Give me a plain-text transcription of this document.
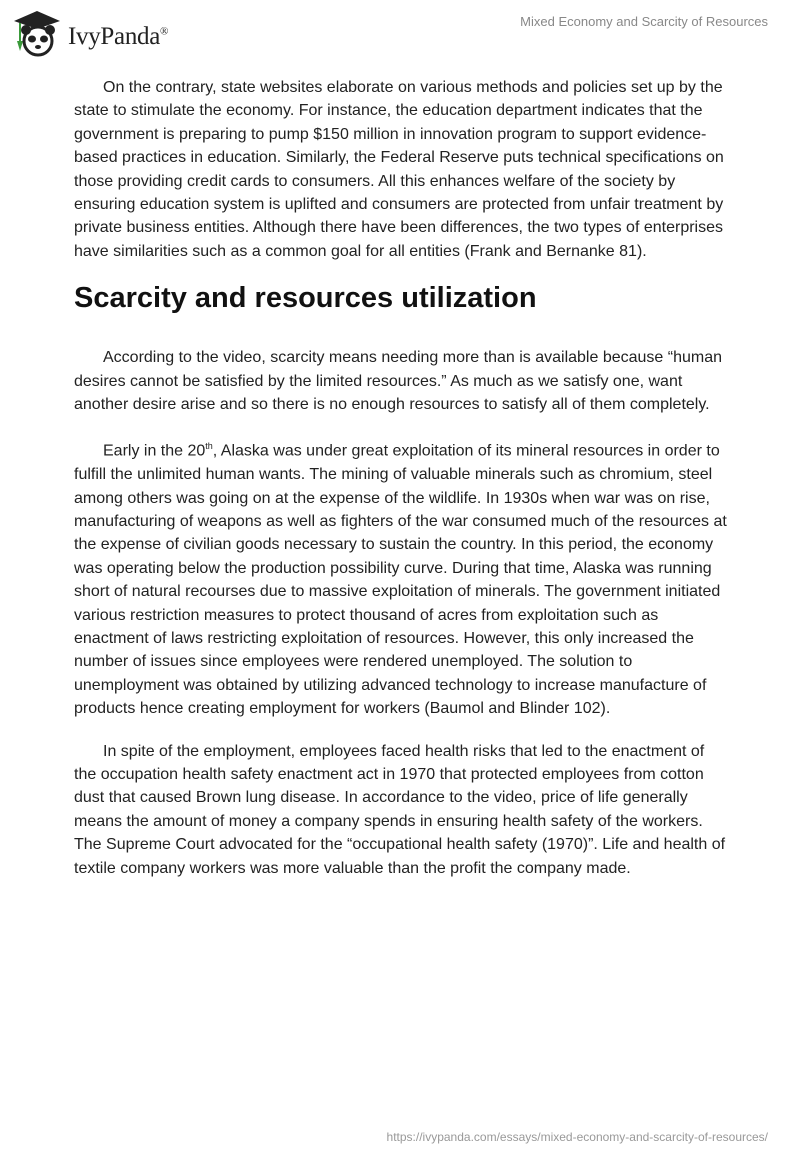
IvyPanda®
Mixed Economy and Scarcity of Resources

On the contrary, state websites elaborate on various methods and policies set up by the state to stimulate the economy. For instance, the education department indicates that the government is preparing to pump $150 million in innovation program to support evidence-based practices in education. Similarly, the Federal Reserve puts technical specifications on those providing credit cards to consumers. All this enhances welfare of the society by ensuring education system is uplifted and consumers are protected from unfair treatment by private business entities. Although there have been differences, the two types of enterprises have similarities such as a common goal for all entities (Frank and Bernanke 81).

Scarcity and resources utilization

According to the video, scarcity means needing more than is available because “human desires cannot be satisfied by the limited resources.” As much as we satisfy one, want another desire arise and so there is no enough resources to satisfy all of them completely.

Early in the 20th, Alaska was under great exploitation of its mineral resources in order to fulfill the unlimited human wants. The mining of valuable minerals such as chromium, steel among others was going on at the expense of the wildlife. In 1930s when war was on rise, manufacturing of weapons as well as fighters of the war consumed much of the resources at the expense of civilian goods necessary to sustain the country. In this period, the economy was operating below the production possibility curve. During that time, Alaska was running short of natural recourses due to massive exploitation of minerals. The government initiated various restriction measures to protect thousand of acres from exploitation such as enactment of laws restricting exploitation of resources. However, this only increased the number of issues since employees were rendered unemployed. The solution to unemployment was obtained by utilizing advanced technology to increase manufacture of products hence creating employment for workers (Baumol and Blinder 102).

In spite of the employment, employees faced health risks that led to the enactment of the occupation health safety enactment act in 1970 that protected employees from cotton dust that caused Brown lung disease. In accordance to the video, price of life generally means the amount of money a company spends in ensuring health safety of the workers. The Supreme Court advocated for the “occupational health safety (1970)”. Life and health of textile company workers was more valuable than the profit the company made.

https://ivypanda.com/essays/mixed-economy-and-scarcity-of-resources/
